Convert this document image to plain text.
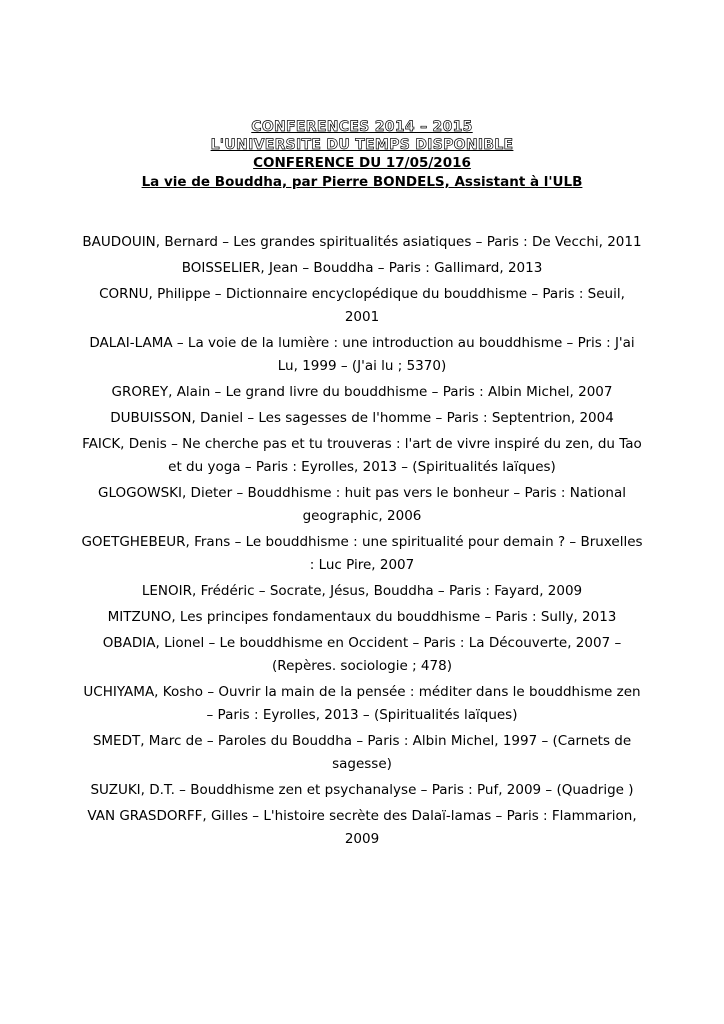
CONFERENCES 2014 – 2015
L'UNIVERSITE DU TEMPS DISPONIBLE
CONFERENCE DU 17/05/2016
La vie de Bouddha, par Pierre BONDELS, Assistant à l'ULB
BAUDOUIN, Bernard – Les grandes spiritualités asiatiques – Paris : De Vecchi, 2011
BOISSELIER, Jean – Bouddha – Paris : Gallimard, 2013
CORNU, Philippe – Dictionnaire encyclopédique du bouddhisme – Paris : Seuil, 2001
DALAI-LAMA – La voie de la lumière : une introduction au bouddhisme – Pris : J'ai Lu, 1999 – (J'ai lu ; 5370)
GROREY, Alain – Le grand livre du bouddhisme – Paris : Albin Michel, 2007
DUBUISSON, Daniel – Les sagesses de l'homme – Paris : Septentrion, 2004
FAICK, Denis – Ne cherche pas et tu trouveras : l'art de vivre inspiré du zen, du Tao et du yoga – Paris : Eyrolles, 2013 – (Spiritualités laïques)
GLOGOWSKI, Dieter – Bouddhisme : huit pas vers le bonheur – Paris : National geographic, 2006
GOETGHEBEUR, Frans – Le bouddhisme : une spiritualité pour demain ? – Bruxelles : Luc Pire, 2007
LENOIR, Frédéric – Socrate, Jésus, Bouddha – Paris : Fayard, 2009
MITZUNO, Les principes fondamentaux du bouddhisme – Paris : Sully, 2013
OBADIA, Lionel – Le bouddhisme en Occident – Paris : La Découverte, 2007 – (Repères. sociologie ; 478)
UCHIYAMA, Kosho – Ouvrir la main de la pensée : méditer dans le bouddhisme zen – Paris : Eyrolles, 2013 – (Spiritualités laïques)
SMEDT, Marc de – Paroles du Bouddha – Paris : Albin Michel, 1997 – (Carnets de sagesse)
SUZUKI, D.T. – Bouddhisme zen et psychanalyse – Paris : Puf, 2009 – (Quadrige )
VAN GRASDORFF, Gilles – L'histoire secrète des Dalaï-lamas – Paris : Flammarion, 2009
